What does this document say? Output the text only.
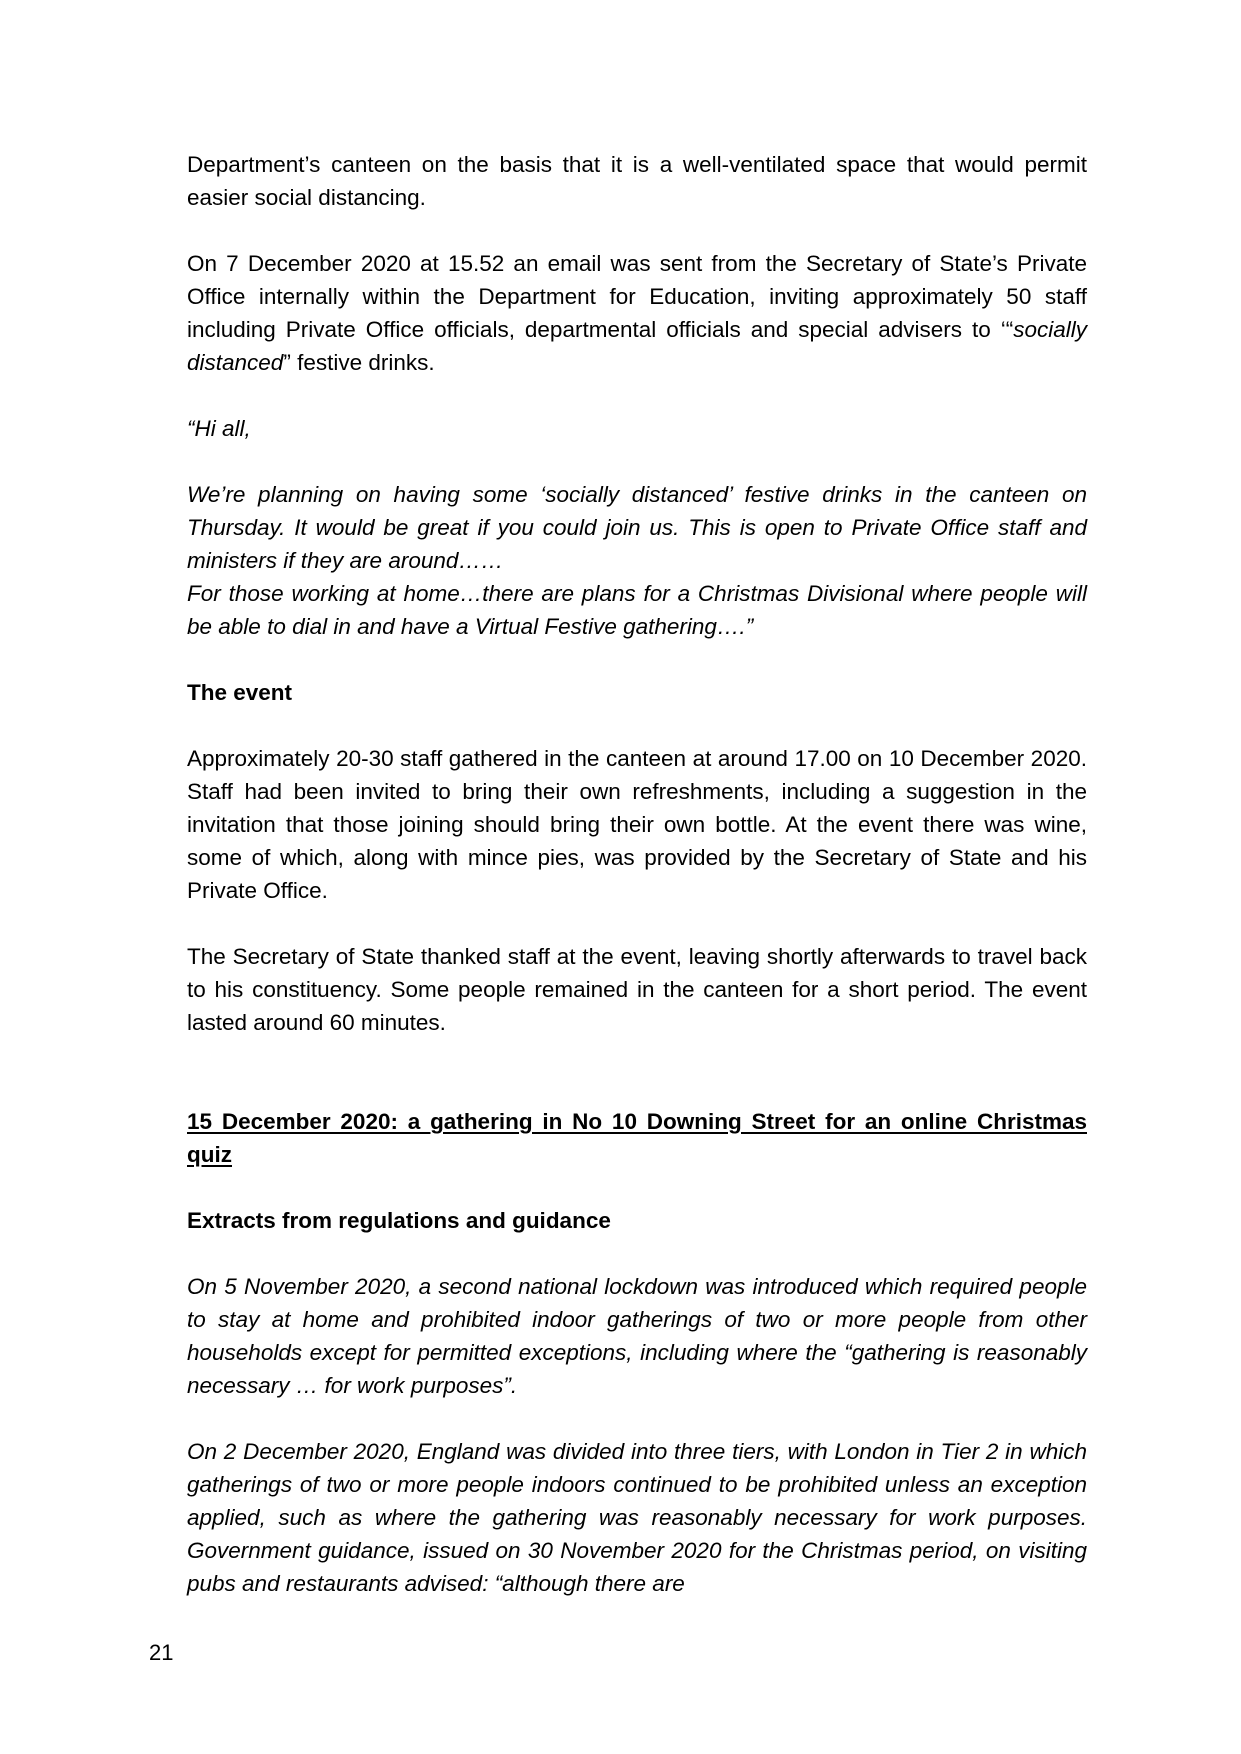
Department’s canteen on the basis that it is a well-ventilated space that would permit easier social distancing.

On 7 December 2020 at 15.52 an email was sent from the Secretary of State’s Private Office internally within the Department for Education, inviting approximately 50 staff including Private Office officials, departmental officials and special advisers to ‘“socially distanced” festive drinks.

“Hi all,

We’re planning on having some ‘socially distanced’ festive drinks in the canteen on Thursday. It would be great if you could join us. This is open to Private Office staff and ministers if they are around……

For those working at home…there are plans for a Christmas Divisional where people will be able to dial in and have a Virtual Festive gathering….”

The event

Approximately 20-30 staff gathered in the canteen at around 17.00 on 10 December 2020. Staff had been invited to bring their own refreshments, including a suggestion in the invitation that those joining should bring their own bottle. At the event there was wine, some of which, along with mince pies, was provided by the Secretary of State and his Private Office.

The Secretary of State thanked staff at the event, leaving shortly afterwards to travel back to his constituency. Some people remained in the canteen for a short period. The event lasted around 60 minutes.

15 December 2020: a gathering in No 10 Downing Street for an online Christmas quiz

Extracts from regulations and guidance

On 5 November 2020, a second national lockdown was introduced which required people to stay at home and prohibited indoor gatherings of two or more people from other households except for permitted exceptions, including where the “gathering is reasonably necessary … for work purposes”.

On 2 December 2020, England was divided into three tiers, with London in Tier 2 in which gatherings of two or more people indoors continued to be prohibited unless an exception applied, such as where the gathering was reasonably necessary for work purposes. Government guidance, issued on 30 November 2020 for the Christmas period, on visiting pubs and restaurants advised: “although there are

21
